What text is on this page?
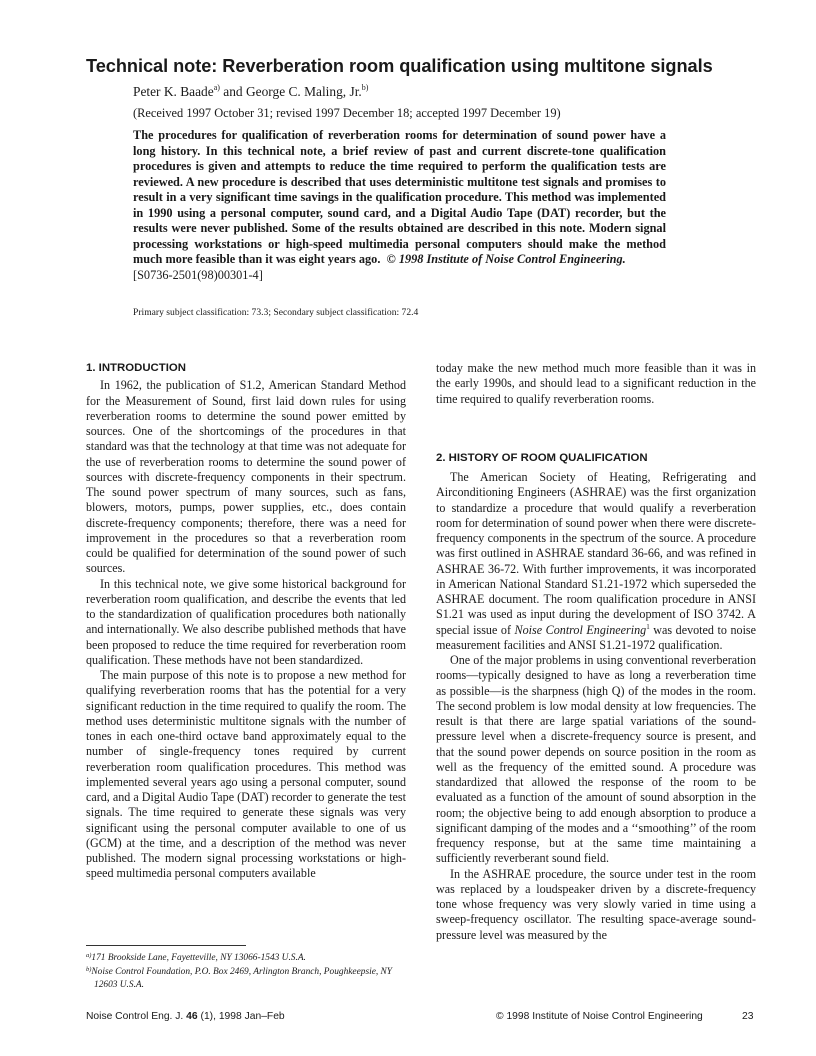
Technical note: Reverberation room qualification using multitone signals
Peter K. Baade$^{a)}$ and George C. Maling, Jr.$^{b)}$
(Received 1997 October 31; revised 1997 December 18; accepted 1997 December 19)
The procedures for qualification of reverberation rooms for determination of sound power have a long history. In this technical note, a brief review of past and current discrete-tone qualification procedures is given and attempts to reduce the time required to perform the qualification tests are reviewed. A new procedure is described that uses deterministic multitone test signals and promises to result in a very significant time savings in the qualification procedure. This method was implemented in 1990 using a personal computer, sound card, and a Digital Audio Tape (DAT) recorder, but the results were never published. Some of the results obtained are described in this note. Modern signal processing workstations or high-speed multimedia personal computers should make the method much more feasible than it was eight years ago. © 1998 Institute of Noise Control Engineering.
[S0736-2501(98)00301-4]
Primary subject classification: 73.3; Secondary subject classification: 72.4
1. INTRODUCTION

In 1962, the publication of S1.2, American Standard Method for the Measurement of Sound, first laid down rules for using reverberation rooms to determine the sound power emitted by sources. One of the shortcomings of the procedures in that standard was that the technology at that time was not adequate for the use of reverberation rooms to determine the sound power of sources with discrete-frequency components in their spectrum. The sound power spectrum of many sources, such as fans, blowers, motors, pumps, power supplies, etc., does contain discrete-frequency components; therefore, there was a need for improvement in the procedures so that a reverberation room could be qualified for determination of the sound power of such sources.

In this technical note, we give some historical background for reverberation room qualification, and describe the events that led to the standardization of qualification procedures both nationally and internationally. We also describe published methods that have been proposed to reduce the time required for reverberation room qualification. These methods have not been standardized.

The main purpose of this note is to propose a new method for qualifying reverberation rooms that has the potential for a very significant reduction in the time required to qualify the room. The method uses deterministic multitone signals with the number of tones in each one-third octave band approximately equal to the number of single-frequency tones required by current reverberation room qualification procedures. This method was implemented several years ago using a personal computer, sound card, and a Digital Audio Tape (DAT) recorder to generate the test signals. The time required to generate these signals was very significant using the personal computer available to one of us (GCM) at the time, and a description of the method was never published. The modern signal processing workstations or high-speed multimedia personal computers available

today make the new method much more feasible than it was in the early 1990s, and should lead to a significant reduction in the time required to qualify reverberation rooms.

2. HISTORY OF ROOM QUALIFICATION

The American Society of Heating, Refrigerating and Airconditioning Engineers (ASHRAE) was the first organization to standardize a procedure that would qualify a reverberation room for determination of sound power when there were discrete-frequency components in the spectrum of the source. A procedure was first outlined in ASHRAE standard 36-66, and was refined in ASHRAE 36-72. With further improvements, it was incorporated in American National Standard S1.21-1972 which superseded the ASHRAE document. The room qualification procedure in ANSI S1.21 was used as input during the development of ISO 3742. A special issue of Noise Control Engineering$^1$ was devoted to noise measurement facilities and ANSI S1.21-1972 qualification.

One of the major problems in using conventional reverberation rooms—typically designed to have as long a reverberation time as possible—is the sharpness (high Q) of the modes in the room. The second problem is low modal density at low frequencies. The result is that there are large spatial variations of the sound-pressure level when a discrete-frequency source is present, and that the sound power depends on source position in the room as well as the frequency of the emitted sound. A procedure was standardized that allowed the response of the room to be evaluated as a function of the amount of sound absorption in the room; the objective being to add enough absorption to produce a significant damping of the modes and a ‘‘smoothing’’ of the room frequency response, but at the same time maintaining a sufficiently reverberant sound field.

In the ASHRAE procedure, the source under test in the room was replaced by a loudspeaker driven by a discrete-frequency tone whose frequency was very slowly varied in time using a sweep-frequency oscillator. The resulting space-average sound-pressure level was measured by the

$^{a)}$171 Brookside Lane, Fayetteville, NY 13066-1543 U.S.A.
$^{b)}$Noise Control Foundation, P.O. Box 2469, Arlington Branch, Poughkeepsie, NY 12603 U.S.A.
Noise Control Eng. J. 46 (1), 1998 Jan–Feb	© 1998 Institute of Noise Control Engineering	23
